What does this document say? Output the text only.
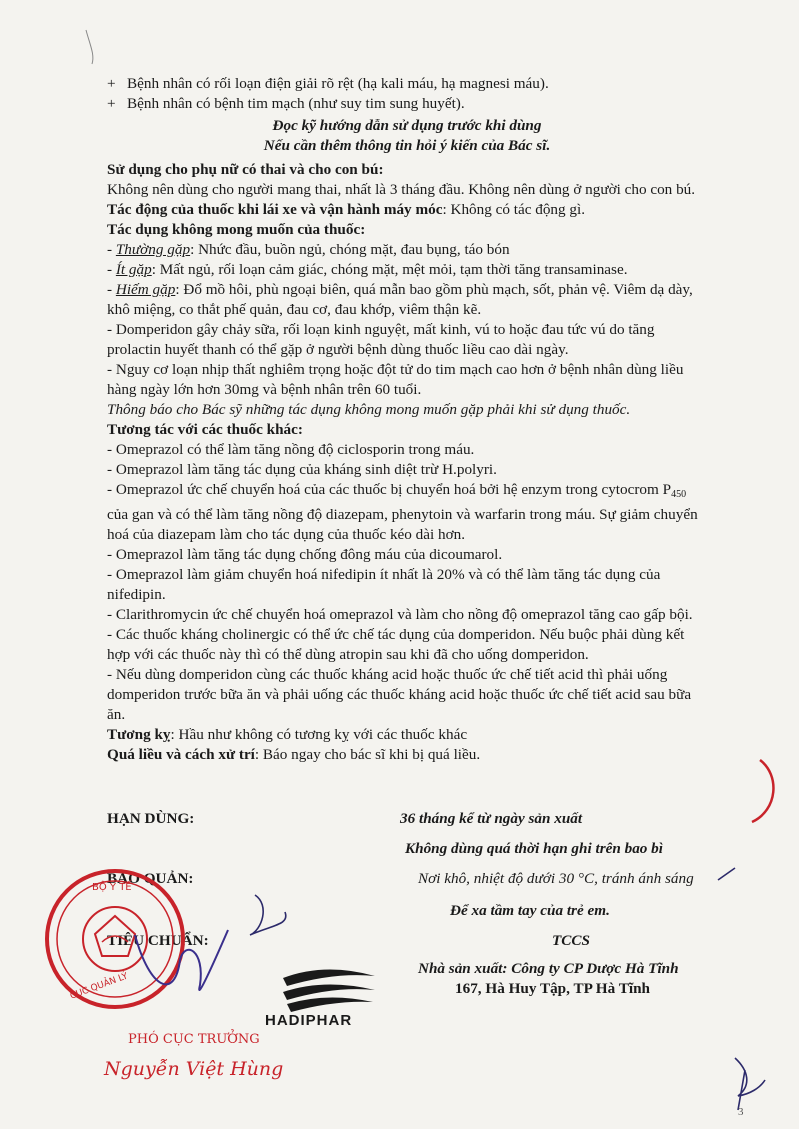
+ Bệnh nhân có rối loạn điện giải rõ rệt (hạ kali máu, hạ magnesi máu).

+ Bệnh nhân có bệnh tim mạch (như suy tim sung huyết).

Đọc kỹ hướng dẫn sử dụng trước khi dùng

Nếu cần thêm thông tin hỏi ý kiến của Bác sĩ.

Sử dụng cho phụ nữ có thai và cho con bú:

Không nên dùng cho người mang thai, nhất là 3 tháng đầu. Không nên dùng ở người cho con bú.

Tác động của thuốc khi lái xe và vận hành máy móc: Không có tác động gì.

Tác dụng không mong muốn của thuốc:

- Thường gặp: Nhức đầu, buồn ngủ, chóng mặt, đau bụng, táo bón

- Ít gặp: Mất ngủ, rối loạn cảm giác, chóng mặt, mệt mỏi, tạm thời tăng transaminase.

- Hiếm gặp: Đổ mồ hôi, phù ngoại biên, quá mẫn bao gồm phù mạch, sốt, phản vệ. Viêm dạ dày, khô miệng, co thắt phế quản, đau cơ, đau khớp, viêm thận kẽ.

- Domperidon gây chảy sữa, rối loạn kinh nguyệt, mất kinh, vú to hoặc đau tức vú do tăng prolactin huyết thanh có thể gặp ở người bệnh dùng thuốc liều cao dài ngày.

- Nguy cơ loạn nhịp thất nghiêm trọng hoặc đột tử do tim mạch cao hơn ở bệnh nhân dùng liều hàng ngày lớn hơn 30mg và bệnh nhân trên 60 tuổi.

Thông báo cho Bác sỹ những tác dụng không mong muốn gặp phải khi sử dụng thuốc.

Tương tác với các thuốc khác:

- Omeprazol có thể làm tăng nồng độ ciclosporin trong máu.

- Omeprazol làm tăng tác dụng của kháng sinh diệt trừ H.polyri.

- Omeprazol ức chế chuyển hoá của các thuốc bị chuyển hoá bởi hệ enzym trong cytocrom $P_{450}$ của gan và có thể làm tăng nồng độ diazepam, phenytoin và warfarin trong máu. Sự giảm chuyển hoá của diazepam làm cho tác dụng của thuốc kéo dài hơn.

- Omeprazol làm tăng tác dụng chống đông máu của dicoumarol.

- Omeprazol làm giảm chuyển hoá nifedipin ít nhất là 20% và có thể làm tăng tác dụng của nifedipin.

- Clarithromycin ức chế chuyển hoá omeprazol và làm cho nồng độ omeprazol tăng cao gấp bội.

- Các thuốc kháng cholinergic có thể ức chế tác dụng của domperidon. Nếu buộc phải dùng kết hợp với các thuốc này thì có thể dùng atropin sau khi đã cho uống domperidon.

- Nếu dùng domperidon cùng các thuốc kháng acid hoặc thuốc ức chế tiết acid thì phải uống domperidon trước bữa ăn và phải uống các thuốc kháng acid hoặc thuốc ức chế tiết acid sau bữa ăn.

Tương kỵ: Hầu như không có tương kỵ với các thuốc khác

Quá liều và cách xử trí: Báo ngay cho bác sĩ khi bị quá liều.

HẠN DÙNG:	36 tháng kể từ ngày sản xuất
Không dùng quá thời hạn ghi trên bao bì
BẢO QUẢN:	Nơi khô, nhiệt độ dưới 30 °C, tránh ánh sáng
Để xa tầm tay của trẻ em.
TIÊU CHUẨN:	TCCS
Nhà sản xuất: Công ty CP Dược Hà Tĩnh
167, Hà Huy Tập, TP Hà Tĩnh
BỘ Y TẾ
CỤC QUẢN LÝ
PHÓ CỤC TRƯỞNG
Nguyễn Việt Hùng
HADIPHAR
3
